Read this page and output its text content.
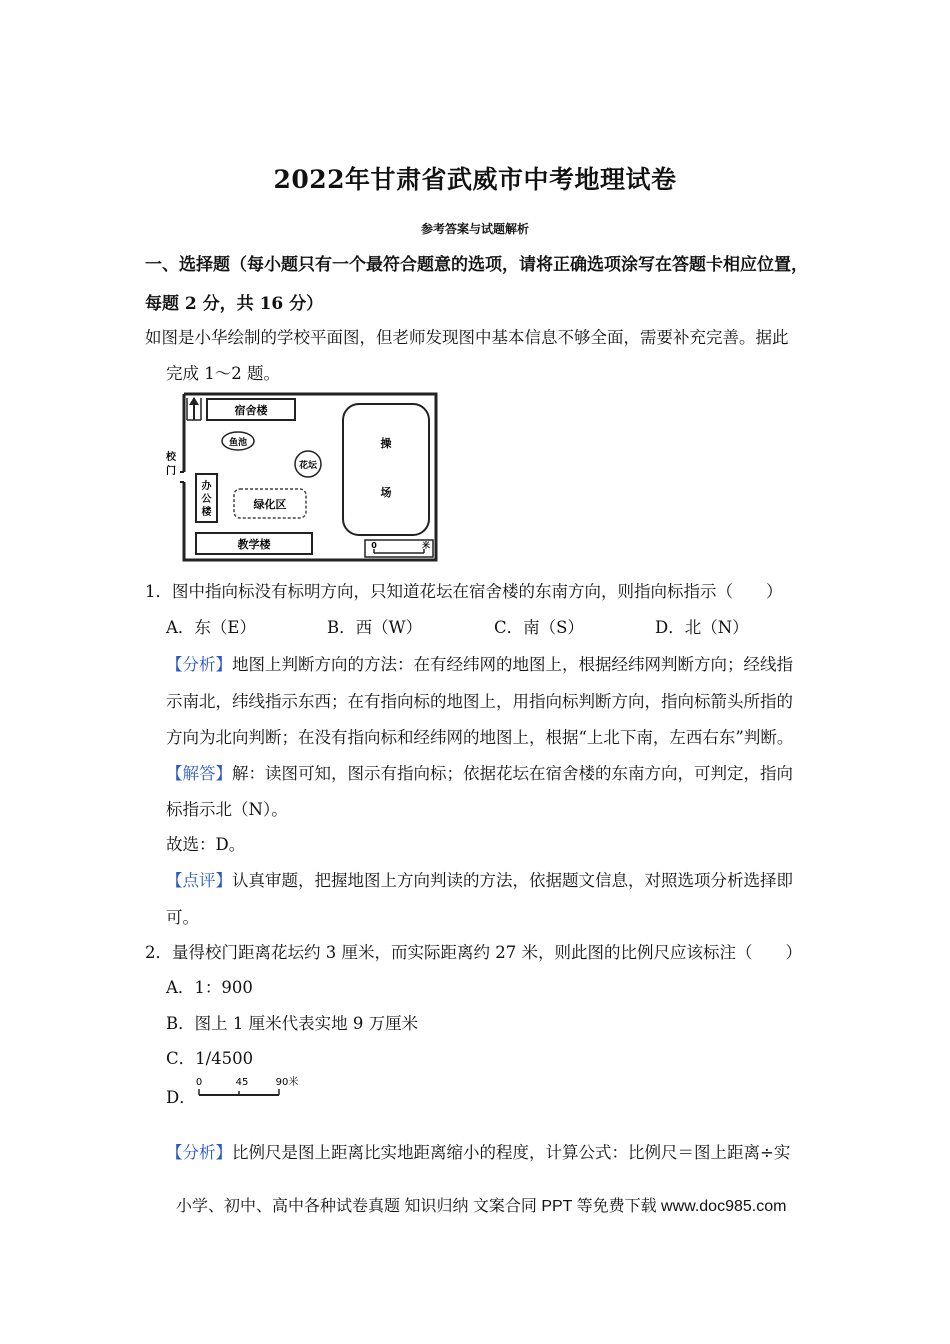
2022年甘肃省武威市中考地理试卷
参考答案与试题解析
一、选择题（每小题只有一个最符合题意的选项，请将正确选项涂写在答题卡相应位置，
每题 2 分，共 16 分）
如图是小华绘制的学校平面图，但老师发现图中基本信息不够全面，需要补充完善。据此
完成 1～2 题。
宿舍楼
鱼池
花坛
校
门
办
公
楼
绿化区
教学楼
操
场
0	米
1．图中指向标没有标明方向，只知道花坛在宿舍楼的东南方向，则指向标指示（　　）
A．东（E）	B．西（W）	C．南（S）	D．北（N）
【分析】地图上判断方向的方法：在有经纬网的地图上，根据经纬网判断方向；经线指
示南北，纬线指示东西；在有指向标的地图上，用指向标判断方向，指向标箭头所指的
方向为北向判断；在没有指向标和经纬网的地图上，根据“上北下南，左西右东”判断。
【解答】解：读图可知，图示有指向标；依据花坛在宿舍楼的东南方向，可判定，指向
标指示北（N）。
故选：D。
【点评】认真审题，把握地图上方向判读的方法，依据题文信息，对照选项分析选择即
可。
2．量得校门距离花坛约 3 厘米，而实际距离约 27 米，则此图的比例尺应该标注（　　）
A．1：900
B．图上 1 厘米代表实地 9 万厘米
C．1/4500
D．
0	45	90米
【分析】比例尺是图上距离比实地距离缩小的程度，计算公式：比例尺＝图上距离÷实
小学、初中、高中各种试卷真题 知识归纳 文案合同 PPT 等免费下载 www.doc985.com
